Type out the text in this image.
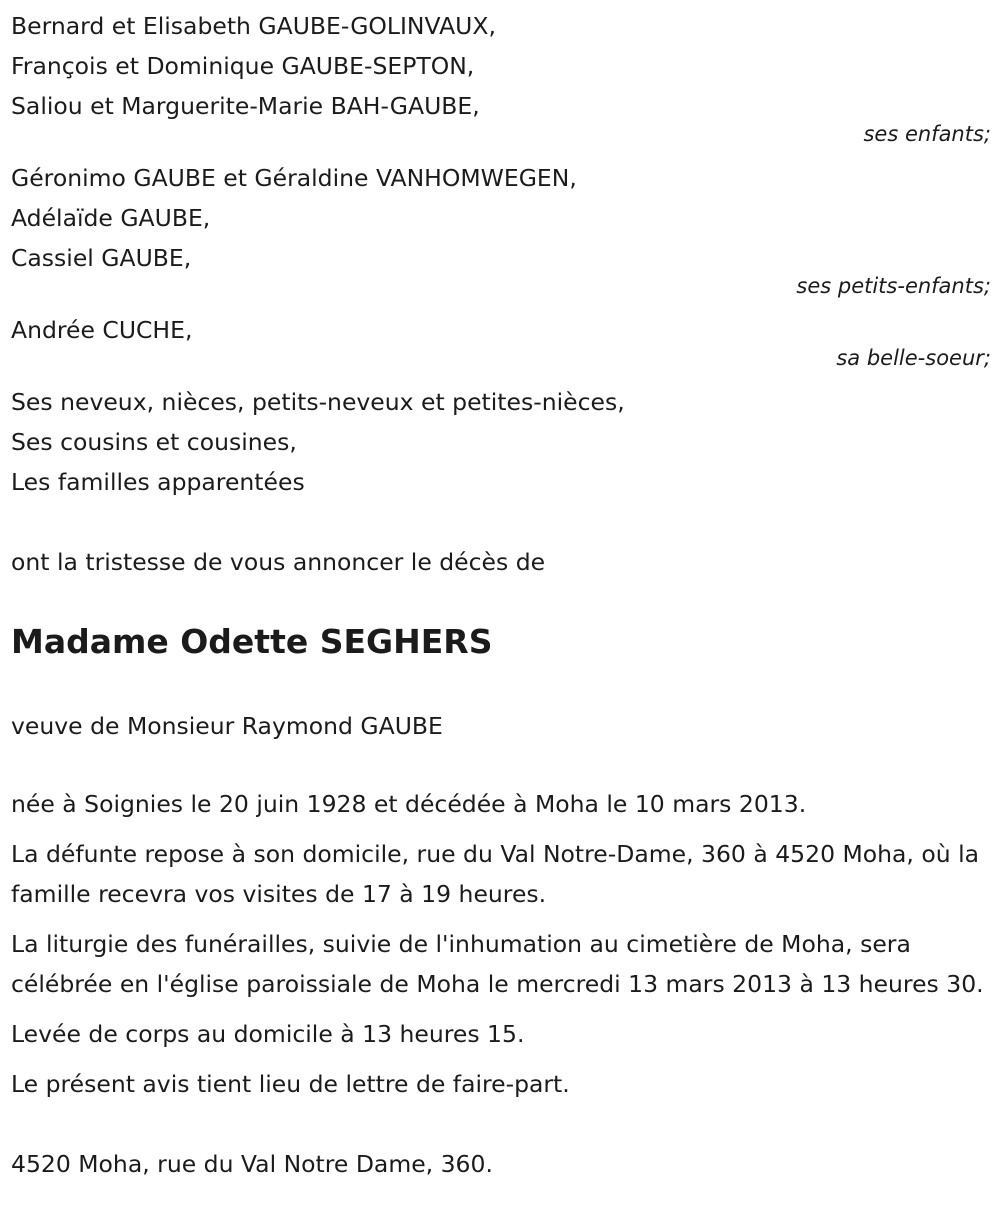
Bernard et Elisabeth GAUBE-GOLINVAUX,
François et Dominique GAUBE-SEPTON,
Saliou et Marguerite-Marie BAH-GAUBE,
ses enfants;
Géronimo GAUBE et Géraldine VANHOMWEGEN,
Adélaïde GAUBE,
Cassiel GAUBE,
ses petits-enfants;
Andrée CUCHE,
sa belle-soeur;
Ses neveux, nièces, petits-neveux et petites-nièces,
Ses cousins et cousines,
Les familles apparentées
ont la tristesse de vous annoncer le décès de
Madame Odette SEGHERS
veuve de Monsieur Raymond GAUBE
née à Soignies le 20 juin 1928 et décédée à Moha le 10 mars 2013.
La défunte repose à son domicile, rue du Val Notre-Dame, 360 à 4520 Moha, où la famille recevra vos visites de 17 à 19 heures.
La liturgie des funérailles, suivie de l'inhumation au cimetière de Moha, sera célébrée en l'église paroissiale de Moha le mercredi 13 mars 2013 à 13 heures 30.
Levée de corps au domicile à 13 heures 15.
Le présent avis tient lieu de lettre de faire-part.
4520 Moha, rue du Val Notre Dame, 360.
